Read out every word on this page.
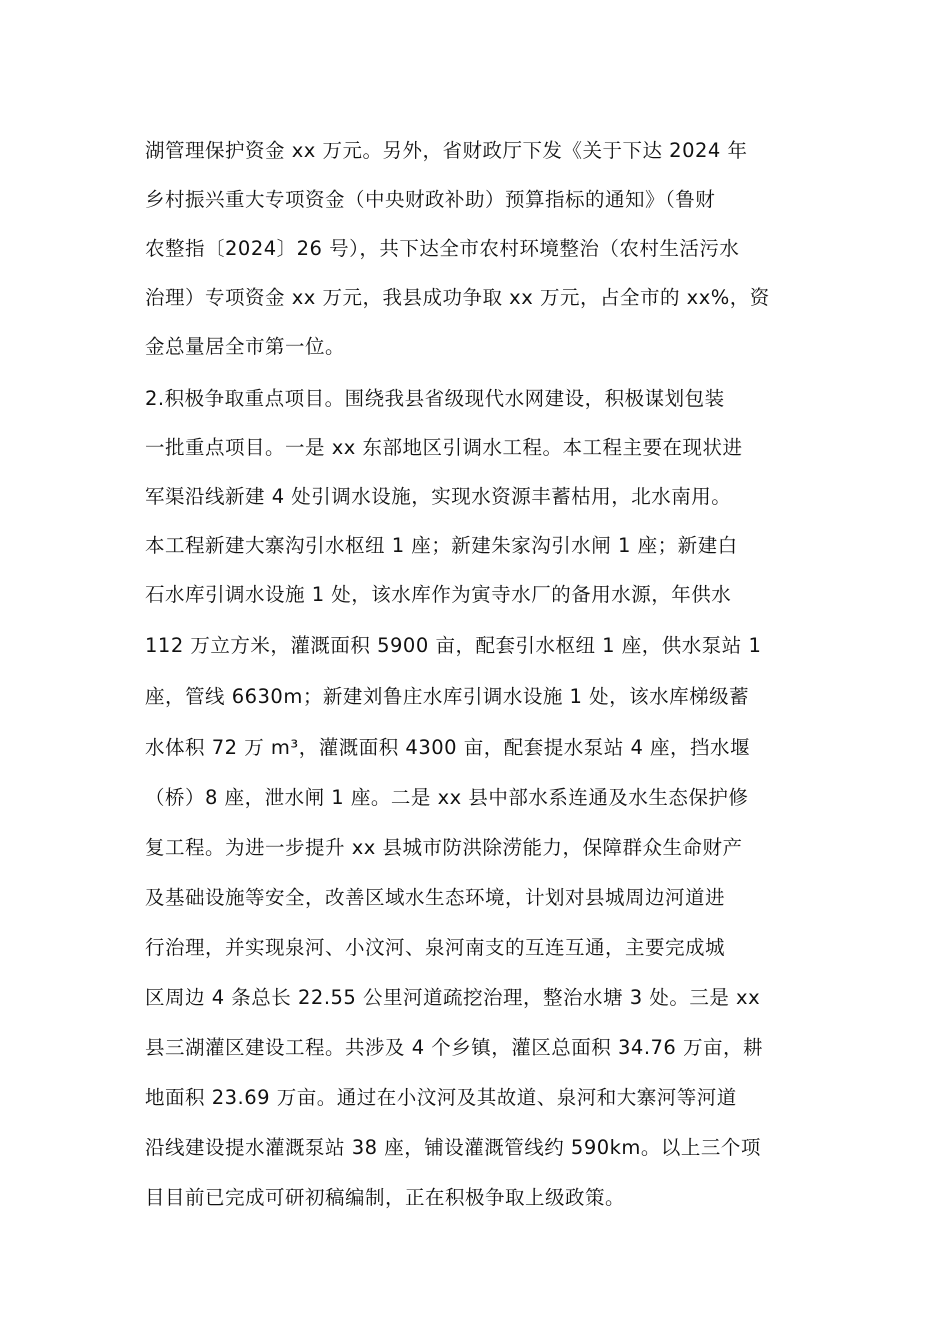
湖管理保护资金 xx 万元。另外，省财政厅下发《关于下达 2024 年
乡村振兴重大专项资金（中央财政补助）预算指标的通知》（鲁财
农整指〔2024〕26 号），共下达全市农村环境整治（农村生活污水
治理）专项资金 xx 万元，我县成功争取 xx 万元，占全市的 xx%，资
金总量居全市第一位。
2.积极争取重点项目。围绕我县省级现代水网建设，积极谋划包装
一批重点项目。一是 xx 东部地区引调水工程。本工程主要在现状进
军渠沿线新建 4 处引调水设施，实现水资源丰蓄枯用，北水南用。
本工程新建大寨沟引水枢纽 1 座；新建朱家沟引水闸 1 座；新建白
石水库引调水设施 1 处，该水库作为寅寺水厂的备用水源，年供水
112 万立方米，灌溉面积 5900 亩，配套引水枢纽 1 座，供水泵站 1
座，管线 6630m；新建刘鲁庄水库引调水设施 1 处，该水库梯级蓄
水体积 72 万 m³，灌溉面积 4300 亩，配套提水泵站 4 座，挡水堰
（桥）8 座，泄水闸 1 座。二是 xx 县中部水系连通及水生态保护修
复工程。为进一步提升 xx 县城市防洪除涝能力，保障群众生命财产
及基础设施等安全，改善区域水生态环境，计划对县城周边河道进
行治理，并实现泉河、小汶河、泉河南支的互连互通，主要完成城
区周边 4 条总长 22.55 公里河道疏挖治理，整治水塘 3 处。三是 xx
县三湖灌区建设工程。共涉及 4 个乡镇，灌区总面积 34.76 万亩，耕
地面积 23.69 万亩。通过在小汶河及其故道、泉河和大寨河等河道
沿线建设提水灌溉泵站 38 座，铺设灌溉管线约 590km。以上三个项
目目前已完成可研初稿编制，正在积极争取上级政策。
